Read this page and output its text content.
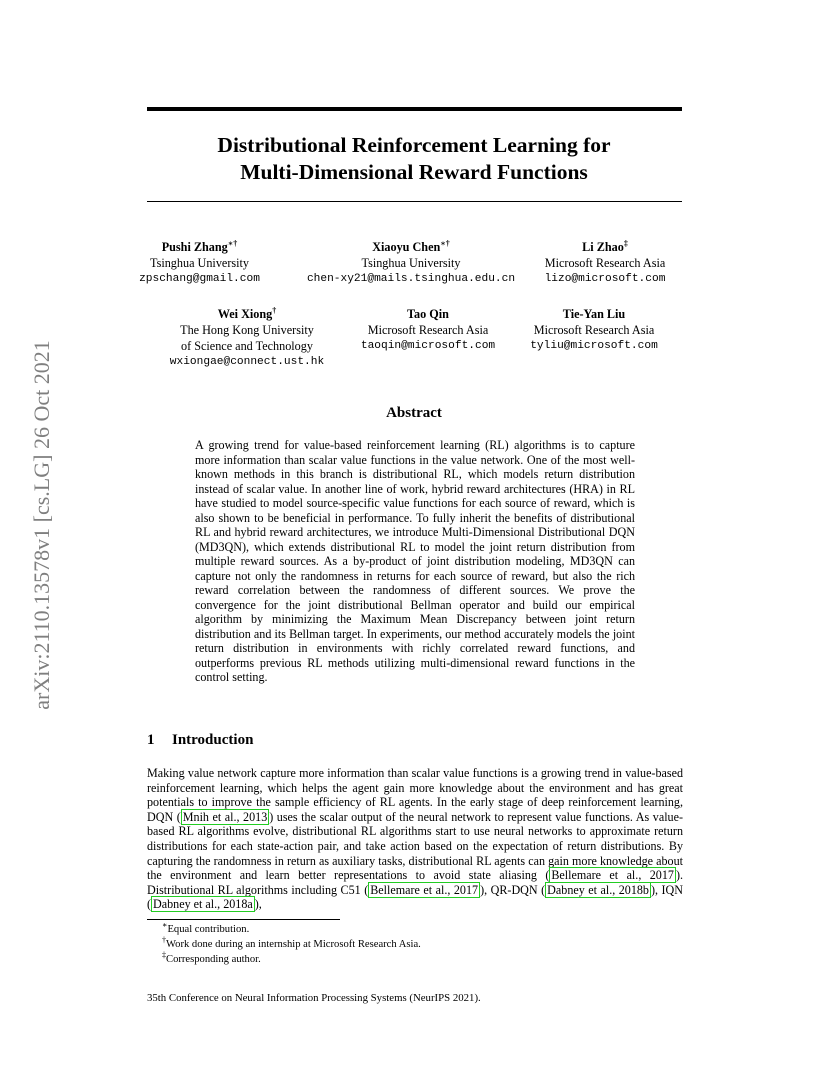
arXiv:2110.13578v1 [cs.LG] 26 Oct 2021
Distributional Reinforcement Learning for
Multi-Dimensional Reward Functions
Pushi Zhang∗†
Tsinghua University
zpschang@gmail.com
Xiaoyu Chen∗†
Tsinghua University
chen-xy21@mails.tsinghua.edu.cn
Li Zhao‡
Microsoft Research Asia
lizo@microsoft.com
Wei Xiong†
The Hong Kong University
of Science and Technology
wxiongae@connect.ust.hk
Tao Qin
Microsoft Research Asia
taoqin@microsoft.com
Tie-Yan Liu
Microsoft Research Asia
tyliu@microsoft.com
Abstract
A growing trend for value-based reinforcement learning (RL) algorithms is to capture more information than scalar value functions in the value network. One of the most well-known methods in this branch is distributional RL, which models return distribution instead of scalar value. In another line of work, hybrid reward architectures (HRA) in RL have studied to model source-specific value functions for each source of reward, which is also shown to be beneficial in performance. To fully inherit the benefits of distributional RL and hybrid reward architectures, we introduce Multi-Dimensional Distributional DQN (MD3QN), which extends distributional RL to model the joint return distribution from multiple reward sources. As a by-product of joint distribution modeling, MD3QN can capture not only the randomness in returns for each source of reward, but also the rich reward correlation between the randomness of different sources. We prove the convergence for the joint distributional Bellman operator and build our empirical algorithm by minimizing the Maximum Mean Discrepancy between joint return distribution and its Bellman target. In experiments, our method accurately models the joint return distribution in environments with richly correlated reward functions, and outperforms previous RL methods utilizing multi-dimensional reward functions in the control setting.
1 Introduction
Making value network capture more information than scalar value functions is a growing trend in value-based reinforcement learning, which helps the agent gain more knowledge about the environment and has great potentials to improve the sample efficiency of RL agents. In the early stage of deep reinforcement learning, DQN ( Mnih et al., 2013 ) uses the scalar output of the neural network to represent value functions. As value-based RL algorithms evolve, distributional RL algorithms start to use neural networks to approximate return distributions for each state-action pair, and take action based on the expectation of return distributions. By capturing the randomness in return as auxiliary tasks, distributional RL agents can gain more knowledge about the environment and learn better representations to avoid state aliasing ( Bellemare et al., 2017 ). Distributional RL algorithms including C51 ( Bellemare et al., 2017 ), QR-DQN ( Dabney et al., 2018b ), IQN ( Dabney et al., 2018a ),
∗Equal contribution.
†Work done during an internship at Microsoft Research Asia.
‡Corresponding author.
35th Conference on Neural Information Processing Systems (NeurIPS 2021).
